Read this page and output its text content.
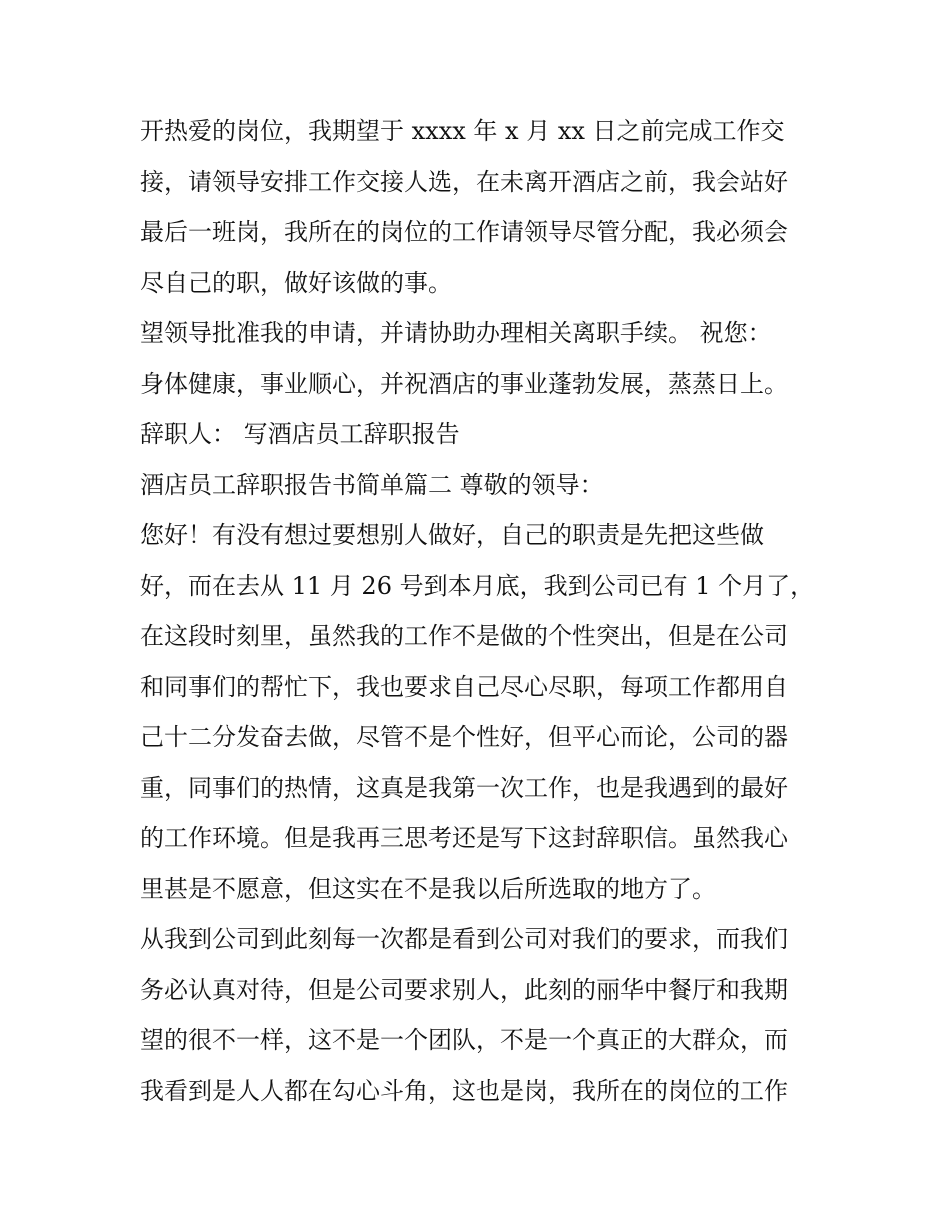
开热爱的岗位，我期望于 xxxx 年 x 月 xx 日之前完成工作交
接，请领导安排工作交接人选，在未离开酒店之前，我会站好
最后一班岗，我所在的岗位的工作请领导尽管分配，我必须会
尽自己的职，做好该做的事。
望领导批准我的申请，并请协助办理相关离职手续。 祝您：
身体健康，事业顺心，并祝酒店的事业蓬勃发展，蒸蒸日上。
辞职人： 写酒店员工辞职报告
酒店员工辞职报告书简单篇二 尊敬的领导：
您好！有没有想过要想别人做好，自己的职责是先把这些做
好，而在去从 11 月 26 号到本月底，我到公司已有 1 个月了，
在这段时刻里，虽然我的工作不是做的个性突出，但是在公司
和同事们的帮忙下，我也要求自己尽心尽职，每项工作都用自
己十二分发奋去做，尽管不是个性好，但平心而论，公司的器
重，同事们的热情，这真是我第一次工作，也是我遇到的最好
的工作环境。但是我再三思考还是写下这封辞职信。虽然我心
里甚是不愿意，但这实在不是我以后所选取的地方了。
从我到公司到此刻每一次都是看到公司对我们的要求，而我们
务必认真对待，但是公司要求别人，此刻的丽华中餐厅和我期
望的很不一样，这不是一个团队，不是一个真正的大群众，而
我看到是人人都在勾心斗角，这也是岗，我所在的岗位的工作
